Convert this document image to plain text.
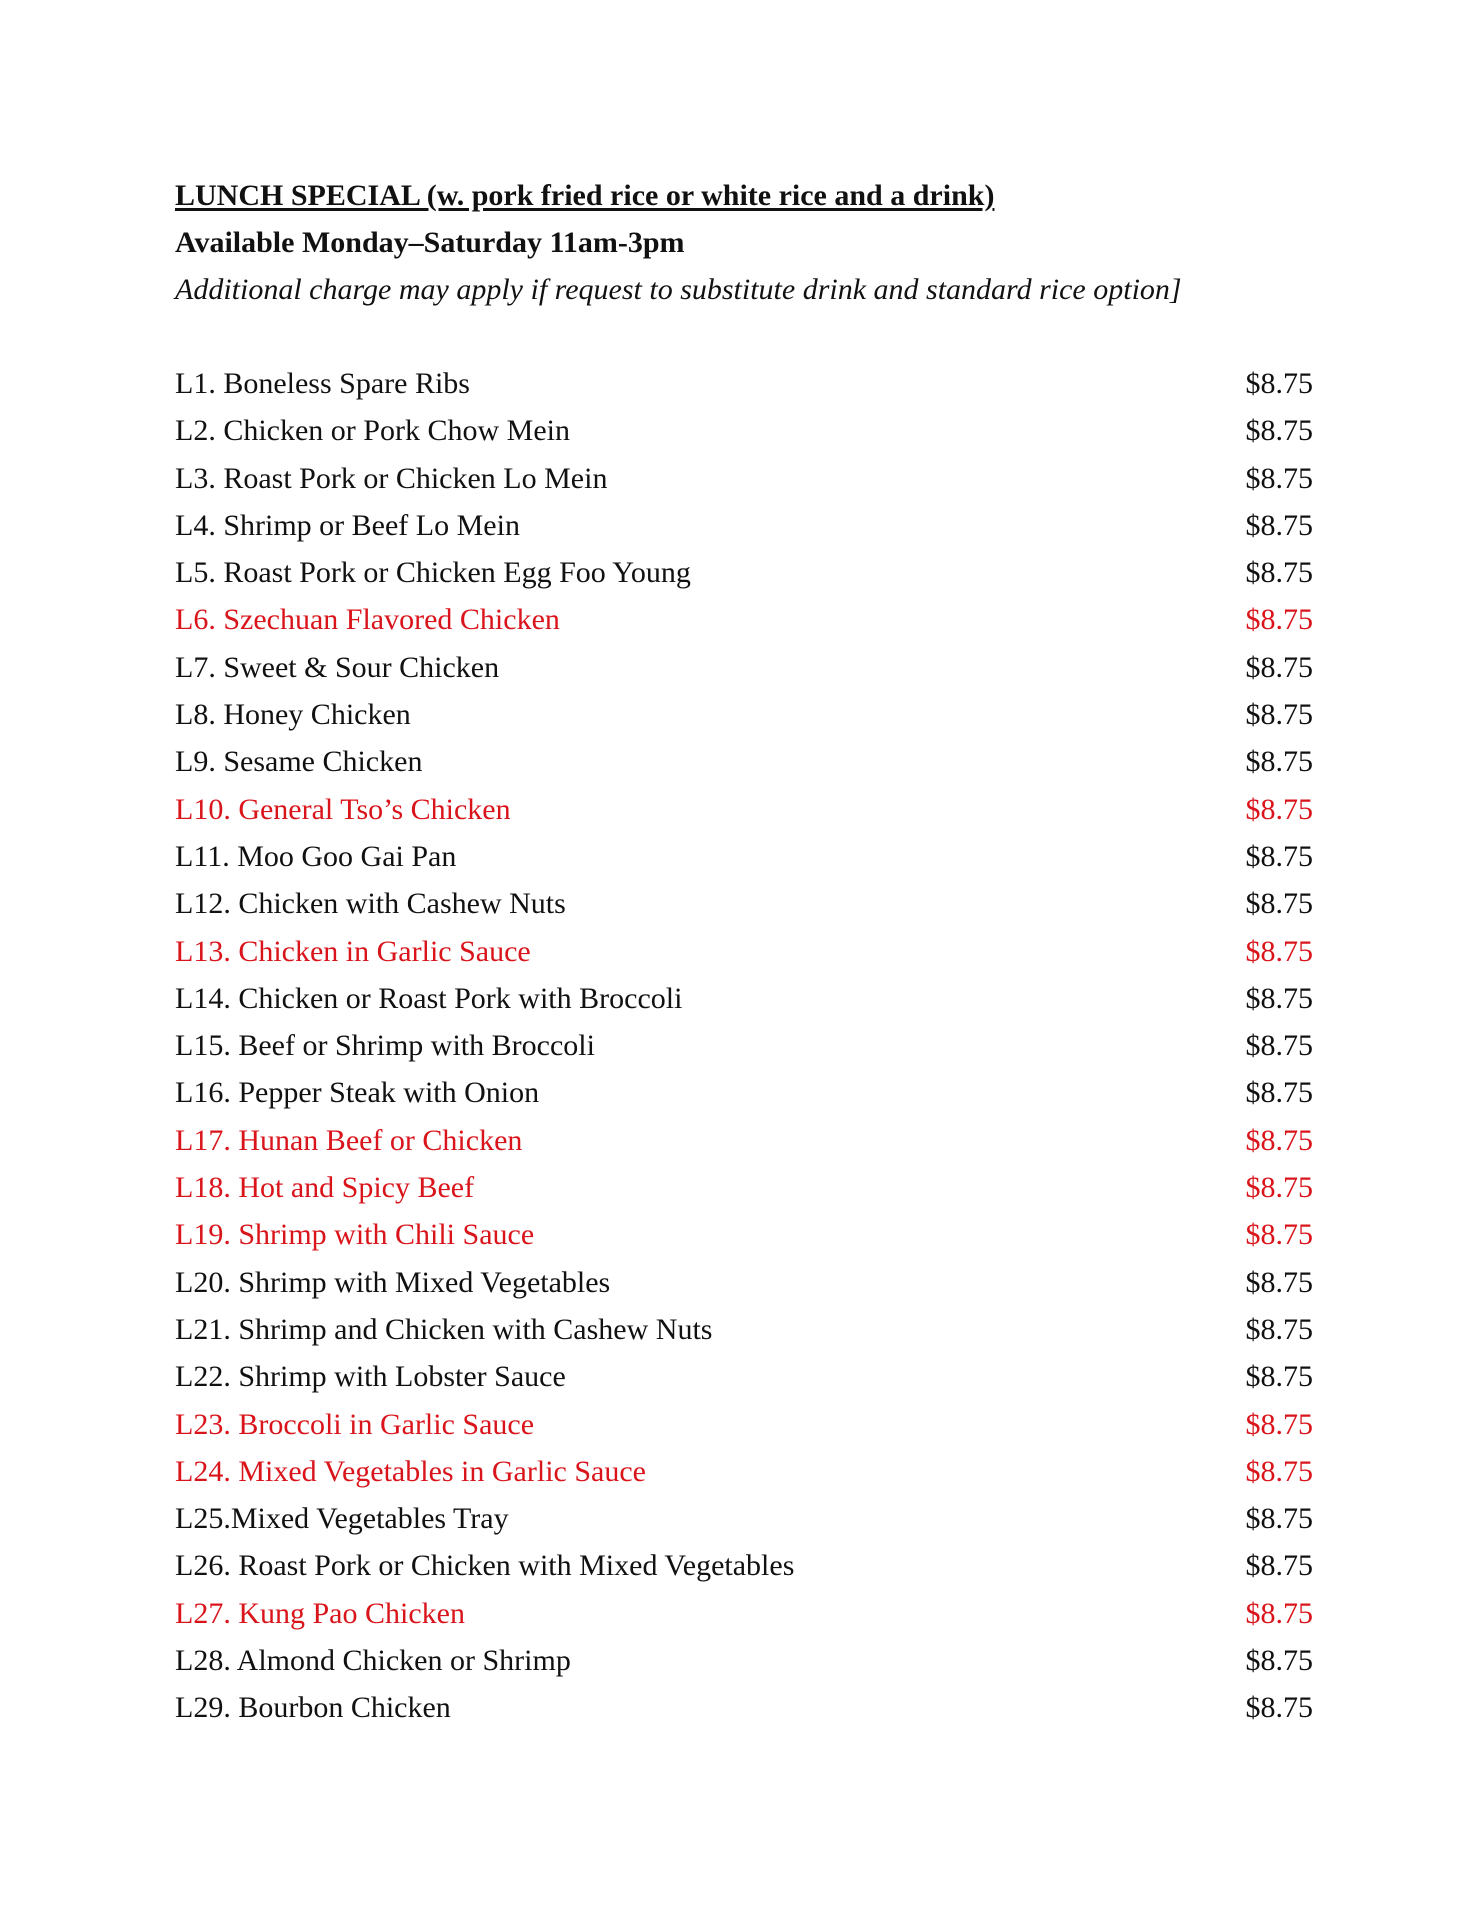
LUNCH SPECIAL (w. pork fried rice or white rice and a drink)
Available Monday–Saturday 11am-3pm
Additional charge may apply if request to substitute drink and standard rice option]
L1. Boneless Spare Ribs	$8.75
L2. Chicken or Pork Chow Mein	$8.75
L3. Roast Pork or Chicken Lo Mein	$8.75
L4. Shrimp or Beef Lo Mein	$8.75
L5. Roast Pork or Chicken Egg Foo Young	$8.75
L6. Szechuan Flavored Chicken	$8.75
L7. Sweet & Sour Chicken	$8.75
L8. Honey Chicken	$8.75
L9. Sesame Chicken	$8.75
L10. General Tso’s Chicken	$8.75
L11. Moo Goo Gai Pan	$8.75
L12. Chicken with Cashew Nuts	$8.75
L13. Chicken in Garlic Sauce	$8.75
L14. Chicken or Roast Pork with Broccoli	$8.75
L15. Beef or Shrimp with Broccoli	$8.75
L16. Pepper Steak with Onion	$8.75
L17. Hunan Beef or Chicken	$8.75
L18. Hot and Spicy Beef	$8.75
L19. Shrimp with Chili Sauce	$8.75
L20. Shrimp with Mixed Vegetables	$8.75
L21. Shrimp and Chicken with Cashew Nuts	$8.75
L22. Shrimp with Lobster Sauce	$8.75
L23. Broccoli in Garlic Sauce	$8.75
L24. Mixed Vegetables in Garlic Sauce	$8.75
L25.Mixed Vegetables Tray	$8.75
L26. Roast Pork or Chicken with Mixed Vegetables	$8.75
L27. Kung Pao Chicken	$8.75
L28. Almond Chicken or Shrimp	$8.75
L29. Bourbon Chicken	$8.75
